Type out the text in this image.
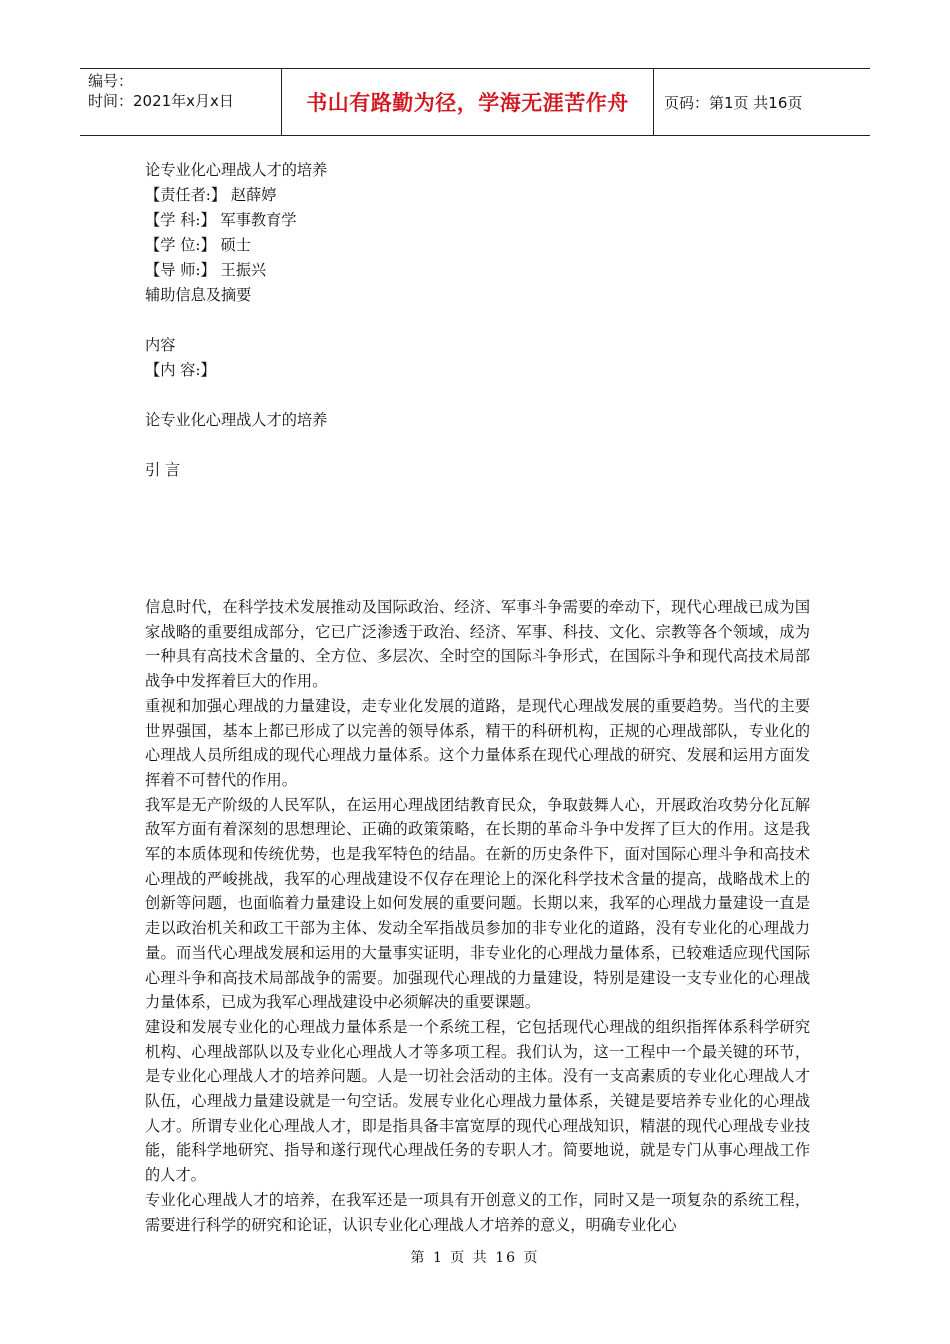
编号：
时间：2021年x月x日	书山有路勤为径，学海无涯苦作舟 页码：第1页 共16页
论专业化心理战人才的培养
【责任者:】 赵薛婷
【学 科:】 军事教育学
【学 位:】 硕士
【导 师:】 王振兴
辅助信息及摘要
内容
【内 容:】
论专业化心理战人才的培养
引 言

信息时代，在科学技术发展推动及国际政治、经济、军事斗争需要的牵动下，现代心理战已成为国家战略的重要组成部分，它已广泛渗透于政治、经济、军事、科技、文化、宗教等各个领域，成为一种具有高技术含量的、全方位、多层次、全时空的国际斗争形式，在国际斗争和现代高技术局部战争中发挥着巨大的作用。

重视和加强心理战的力量建设，走专业化发展的道路，是现代心理战发展的重要趋势。当代的主要世界强国，基本上都已形成了以完善的领导体系，精干的科研机构，正规的心理战部队，专业化的心理战人员所组成的现代心理战力量体系。这个力量体系在现代心理战的研究、发展和运用方面发挥着不可替代的作用。

我军是无产阶级的人民军队，在运用心理战团结教育民众，争取鼓舞人心，开展政治攻势分化瓦解敌军方面有着深刻的思想理论、正确的政策策略，在长期的革命斗争中发挥了巨大的作用。这是我军的本质体现和传统优势，也是我军特色的结晶。在新的历史条件下，面对国际心理斗争和高技术心理战的严峻挑战，我军的心理战建设不仅存在理论上的深化科学技术含量的提高，战略战术上的创新等问题，也面临着力量建设上如何发展的重要问题。长期以来，我军的心理战力量建设一直是走以政治机关和政工干部为主体、发动全军指战员参加的非专业化的道路，没有专业化的心理战力量。而当代心理战发展和运用的大量事实证明，非专业化的心理战力量体系，已较难适应现代国际心理斗争和高技术局部战争的需要。加强现代心理战的力量建设，特别是建设一支专业化的心理战力量体系，已成为我军心理战建设中必须解决的重要课题。

建设和发展专业化的心理战力量体系是一个系统工程，它包括现代心理战的组织指挥体系科学研究机构、心理战部队以及专业化心理战人才等多项工程。我们认为，这一工程中一个最关键的环节，是专业化心理战人才的培养问题。人是一切社会活动的主体。没有一支高素质的专业化心理战人才队伍，心理战力量建设就是一句空话。发展专业化心理战力量体系，关键是要培养专业化的心理战人才。所谓专业化心理战人才，即是指具备丰富宽厚的现代心理战知识，精湛的现代心理战专业技能，能科学地研究、指导和遂行现代心理战任务的专职人才。简要地说，就是专门从事心理战工作的人才。

专业化心理战人才的培养，在我军还是一项具有开创意义的工作，同时又是一项复杂的系统工程，需要进行科学的研究和论证，认识专业化心理战人才培养的意义，明确专业化心

第 1 页 共 16 页
